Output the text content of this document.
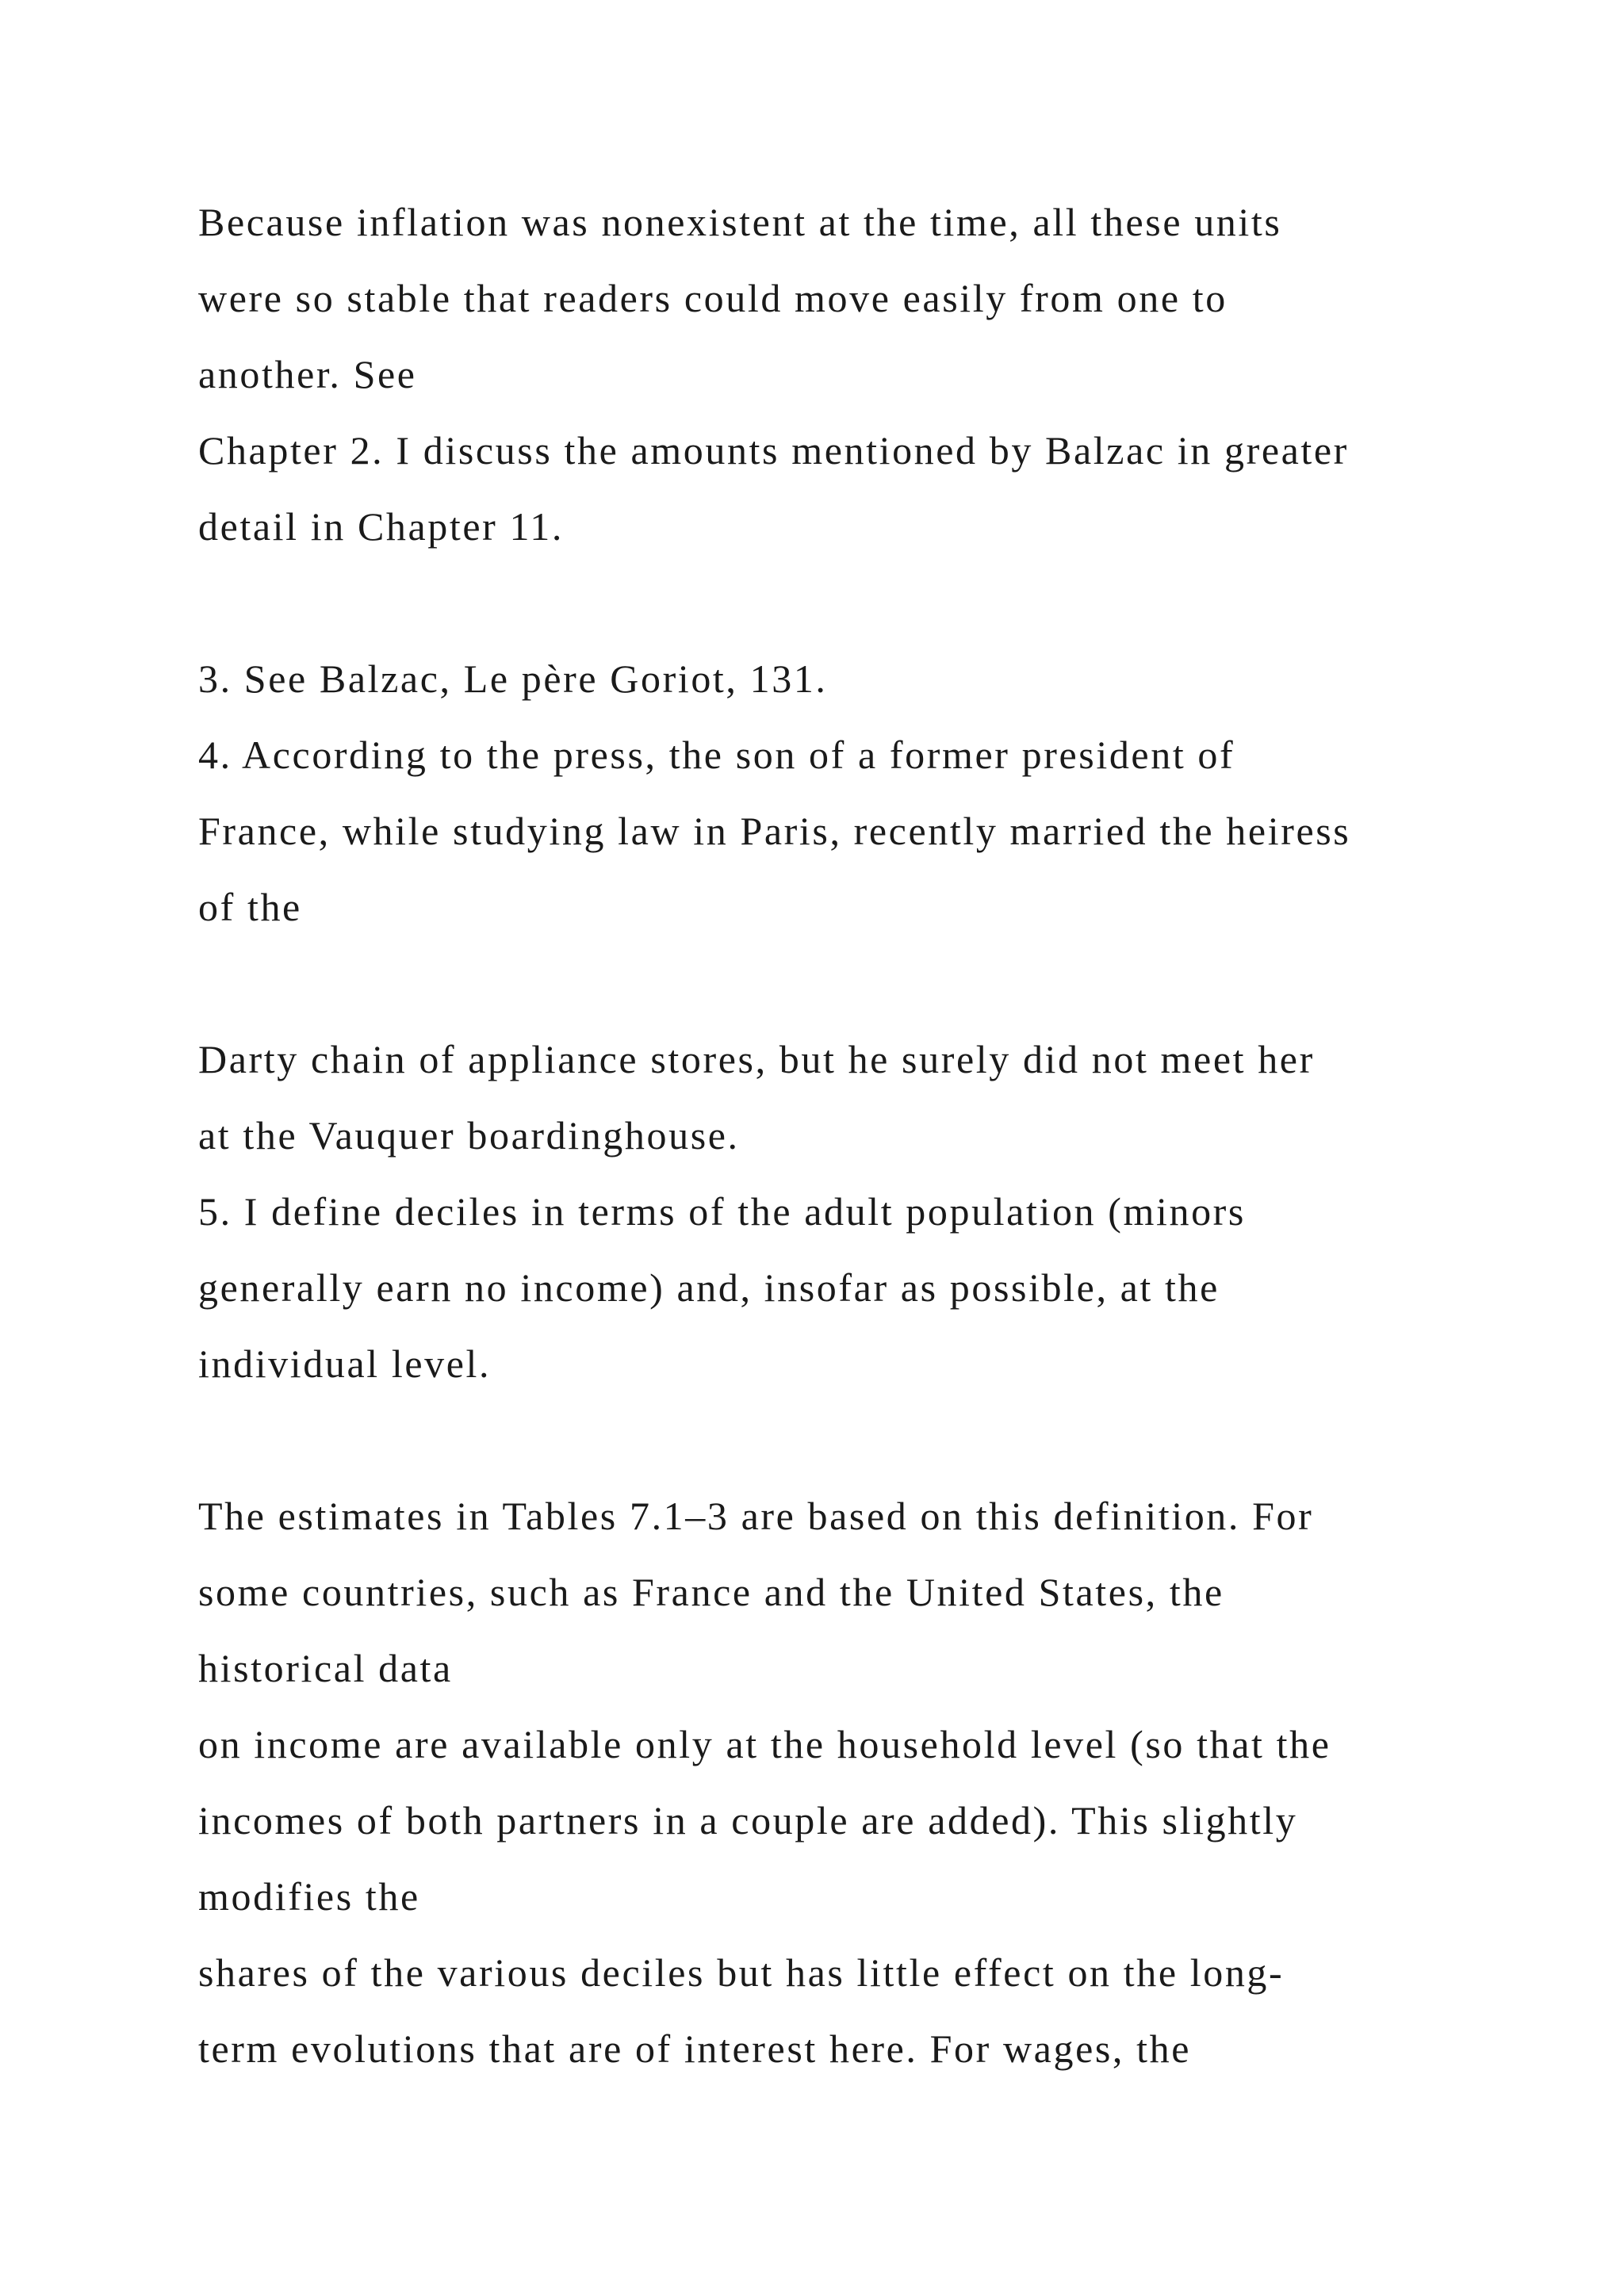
Because inflation was nonexistent at the time, all these units
were so stable that readers could move easily from one to
another. See
Chapter 2. I discuss the amounts mentioned by Balzac in greater
detail in Chapter 11.
3. See Balzac, Le père Goriot, 131.
4. According to the press, the son of a former president of
France, while studying law in Paris, recently married the heiress
of the
Darty chain of appliance stores, but he surely did not meet her
at the Vauquer boardinghouse.
5. I define deciles in terms of the adult population (minors
generally earn no income) and, insofar as possible, at the
individual level.
The estimates in Tables 7.1–3 are based on this definition. For
some countries, such as France and the United States, the
historical data
on income are available only at the household level (so that the
incomes of both partners in a couple are added). This slightly
modifies the
shares of the various deciles but has little effect on the long-
term evolutions that are of interest here. For wages, the
